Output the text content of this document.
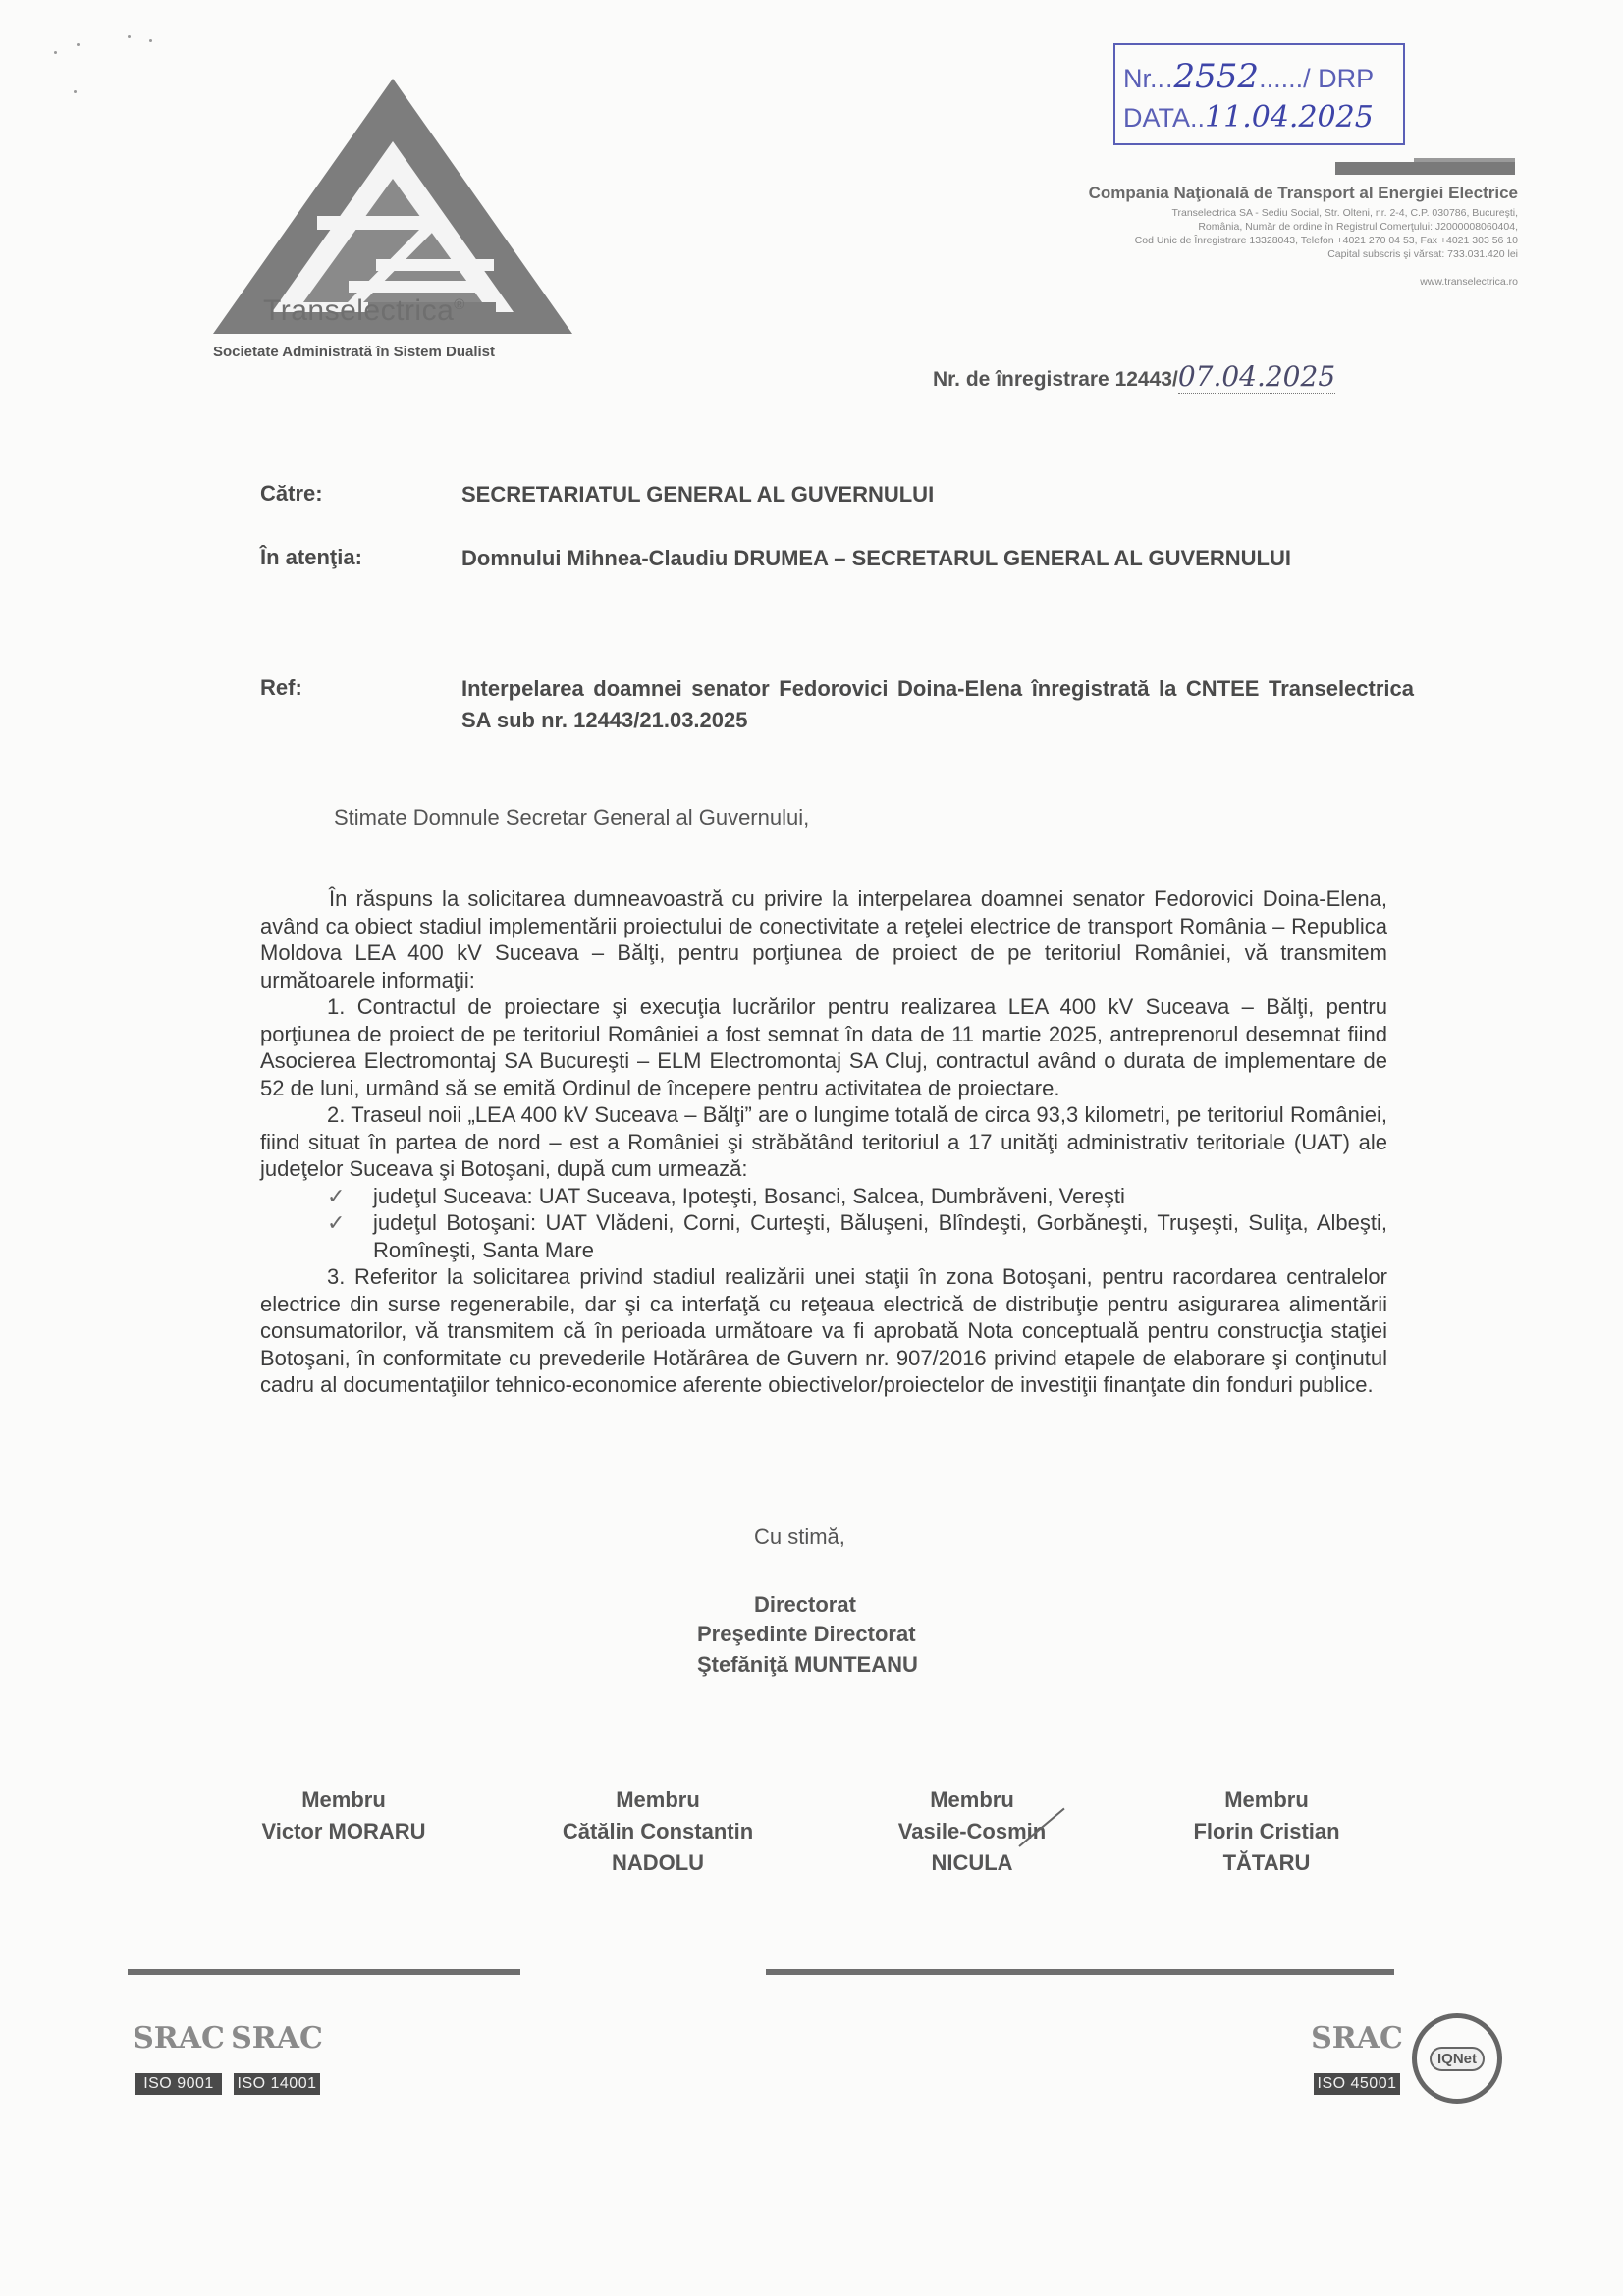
Transelectrica®
Societate Administrată în Sistem Dualist
Nr...2552....../ DRP
DATA..11.04.2025
Compania Naţională de Transport al Energiei Electrice
Transelectrica SA - Sediu Social, Str. Olteni, nr. 2-4, C.P. 030786, Bucureşti,
România, Număr de ordine în Registrul Comerţului: J2000008060404,
Cod Unic de Înregistrare 13328043, Telefon +4021 270 04 53, Fax +4021 303 56 10
Capital subscris şi vărsat: 733.031.420 lei
www.transelectrica.ro
Nr. de înregistrare 12443/07.04.2025
Către:	SECRETARIATUL GENERAL AL GUVERNULUI
În atenţia:	Domnului Mihnea-Claudiu DRUMEA – SECRETARUL GENERAL AL GUVERNULUI
Ref:	Interpelarea doamnei senator Fedorovici Doina-Elena înregistrată la CNTEE Transelectrica SA sub nr. 12443/21.03.2025
Stimate Domnule Secretar General al Guvernului,

În răspuns la solicitarea dumneavoastră cu privire la interpelarea doamnei senator Fedorovici Doina-Elena, având ca obiect stadiul implementării proiectului de conectivitate a reţelei electrice de transport România – Republica Moldova LEA 400 kV Suceava – Bălţi, pentru porţiunea de proiect de pe teritoriul României, vă transmitem următoarele informaţii:

1. Contractul de proiectare şi execuţia lucrărilor pentru realizarea LEA 400 kV Suceava – Bălţi, pentru porţiunea de proiect de pe teritoriul României a fost semnat în data de 11 martie 2025, antreprenorul desemnat fiind Asocierea Electromontaj SA Bucureşti – ELM Electromontaj SA Cluj, contractul având o durata de implementare de 52 de luni, urmând să se emită Ordinul de începere pentru activitatea de proiectare.

2. Traseul noii „LEA 400 kV Suceava – Bălţi” are o lungime totală de circa 93,3 kilometri, pe teritoriul României, fiind situat în partea de nord – est a României şi străbătând teritoriul a 17 unităţi administrativ teritoriale (UAT) ale judeţelor Suceava şi Botoşani, după cum urmează:

✓ judeţul Suceava: UAT Suceava, Ipoteşti, Bosanci, Salcea, Dumbrăveni, Vereşti

✓ judeţul Botoşani: UAT Vlădeni, Corni, Curteşti, Băluşeni, Blîndeşti, Gorbăneşti, Truşeşti, Suliţa, Albeşti, Romîneşti, Santa Mare

3. Referitor la solicitarea privind stadiul realizării unei staţii în zona Botoşani, pentru racordarea centralelor electrice din surse regenerabile, dar şi ca interfaţă cu reţeaua electrică de distribuţie pentru asigurarea alimentării consumatorilor, vă transmitem că în perioada următoare va fi aprobată Nota conceptuală pentru construcţia staţiei Botoşani, în conformitate cu prevederile Hotărârea de Guvern nr. 907/2016 privind etapele de elaborare şi conţinutul cadru al documentaţiilor tehnico-economice aferente obiectivelor/proiectelor de investiţii finanţate din fonduri publice.

Cu stimă,
Directorat
Preşedinte Directorat
Ştefăniţă MUNTEANU
Membru
Victor MORARU
Membru
Cătălin Constantin
NADOLU
Membru
Vasile-Cosmin
NICULA
Membru
Florin Cristian
TĂTARU
SRAC
ISO 9001
SRAC
ISO 14001
SRAC
ISO 45001
IQNet
